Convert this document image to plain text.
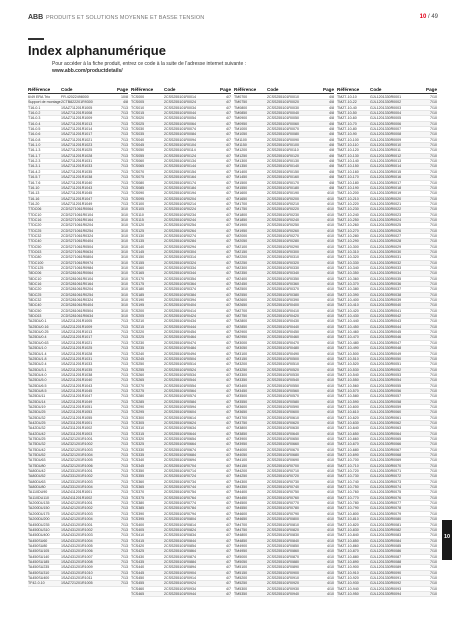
ABB PRODUITS ET SOLUTIONS MOYENNE ET BASSE TENSION	10 / 49
Index alphanumérique
Pour accéder à la fiche produit, entrez ce code à la suite de l’adresse internet suivante :
www.abb.com/productdetails/
Référence	Code	Page
6/49 ERA Trio	FR.42022498000	10/8
Support de montage 2CTB822201R9300	4/8
T16-0.1	1SAZ711201R1005	7/13
T16-0.2	1SAZ711201R1008	7/13
T16-0.3	1SAZ711201R1009	7/13
T16-0.4	1SAZ711201R1013	7/13
T16-0.5	1SAZ711201R1014	7/13
T16-0.6	1SAZ711201R1017	7/13
T16-0.8	1SAZ711201R1021	7/13
T16-1.0	1SAZ711201R1023	7/13
T16-1.3	1SAZ711201R1025	7/13
T16-1.7	1SAZ711201R1028	7/13
T16-2.3	1SAZ711201R1031	7/13
T16-3.1	1SAZ711201R1033	7/13
T16-4.2	1SAZ711201R1035	7/13
T16-5.7	1SAZ711201R1038	7/13
T16-7.6	1SAZ711201R1040	7/13
T16-10	1SAZ711201R1043	7/13
T16-13	1SAZ711201R1045	7/13
T16-16	1SAZ711201R1047	7/13
T16-20	1SAZ711201R1049	7/13
T7DC06	2CDS271061R0064	3/10
T7DC10	2CDS271061R0104	3/10
T7DC16	2CDS271061R0164	3/10
T7DC20	2CDS271061R0204	3/10
T7DC25	2CDS271061R0254	3/10
T7DC32	2CDS271061R0324	3/10
T7DC40	2CDS271061R0404	3/10
T7DC50	2CDS271061R0504	3/10
T7DC63	2CDS271061R0634	3/10
T7DC80	2CDS271061R0804	3/10
T7DC100	2CDS271061R0974	3/10
T7DC125	2CDS271061R0984	3/10
T8DC06	2CDS281061R0064	3/10
T8DC10	2CDS281061R0104	3/10
T8DC16	2CDS281061R0164	3/10
T8DC20	2CDS281061R0204	3/10
T8DC25	2CDS281061R0254	3/10
T8DC32	2CDS281061R0324	3/10
T8DC40	2CDS281061R0404	3/10
T8DC50	2CDS281061R0504	3/10
T8DC63	2CDS281061R0634	3/10
TA25DU0.1	1SAZ211201R1005	7/13
TA25DU0.16	1SAZ211201R1009	7/13
TA25DU0.25	1SAZ211201R1013	7/13
TA25DU0.4	1SAZ211201R1017	7/13
TA25DU0.63	1SAZ211201R1021	7/13
TA25DU1.0	1SAZ211201R1025	7/13
TA25DU1.4	1SAZ211201R1028	7/13
TA25DU1.8	1SAZ211201R1031	7/13
TA25DU2.4	1SAZ211201R1033	7/13
TA25DU3.1	1SAZ211201R1035	7/13
TA25DU4.0	1SAZ211201R1038	7/13
TA25DU5.0	1SAZ211201R1040	7/13
TA25DU6.5	1SAZ211201R1043	7/13
TA25DU8.5	1SAZ211201R1045	7/13
TA25DU11	1SAZ211201R1047	7/13
TA25DU14	1SAZ211201R1049	7/13
TA25DU19	1SAZ211201R1051	7/13
TA25DU25	1SAZ211201R1053	7/13
TA25DU32	1SAZ211201R1055	7/13
TA42DU25	1SAZ311201R1001	7/13
TA42DU32	1SAZ311201R1002	7/13
TA42DU42	1SAZ311201R1003	7/13
TA75DU25	1SAZ321201R1001	7/13
TA75DU32	1SAZ321201R1002	7/13
TA75DU42	1SAZ321201R1003	7/13
TA75DU52	1SAZ321201R1004	7/13
TA75DU63	1SAZ321201R1005	7/13
TA75DU80	1SAZ321201R1006	7/13
TA80DU42	1SAZ331201R1001	7/13
TA80DU52	1SAZ331201R1002	7/13
TA80DU63	1SAZ331201R1003	7/13
TA80DU80	1SAZ331201R1004	7/13
TA110DU90	1SAZ411201R1001	7/13
TA110DU110	1SAZ411201R1002	7/13
TA200DU135	1SAZ421201R1001	7/13
TA200DU150	1SAZ421201R1002	7/13
TA200DU175	1SAZ421201R1003	7/13
TA200DU200	1SAZ421201R1004	7/13
TA450DU235	1SAZ431201R1001	7/13
TA450DU310	1SAZ431201R1002	7/13
TA450DU400	1SAZ431201R1003	7/13
TA450SU60	1SAZ431201R1004	7/13
TA450SU80	1SAZ431201R1005	7/13
TA450SU105	1SAZ431201R1006	7/13
TA450SU140	1SAZ431201R1007	7/13
TA450SU185	1SAZ431201R1008	7/13
TA450SU235	1SAZ431201R1009	7/13
TA450SU310	1SAZ431201R1010	7/13
TA450SU400	1SAZ431201R1011	7/13
TF42-0.10	1SAZ721201R1005	7/13
Référence	Code	Page
TCS000	2CSS255101R0014	4/7
TCS005	2CSS255101R0024	4/7
TCS010	2CSS255101R0034	4/7
TCS015	2CSS255101R0044	4/7
TCS020	2CSS255101R0054	4/7
TCS025	2CSS255101R0064	4/7
TCS030	2CSS255101R0074	4/7
TCS035	2CSS255101R0084	4/7
TCS040	2CSS255101R0094	4/7
TCS045	2CSS255101R0104	4/7
TCS050	2CSS255101R0114	4/7
TCS055	2CSS255101R0124	4/7
TCS060	2CSS255101R0134	4/7
TCS065	2CSS255101R0144	4/7
TCS070	2CSS255101R0154	4/7
TCS075	2CSS255101R0164	4/7
TCS080	2CSS255101R0174	4/7
TCS085	2CSS255101R0184	4/7
TCS090	2CSS255101R0194	4/7
TCS095	2CSS255101R0204	4/7
TCS100	2CSS255101R0214	4/7
TCS105	2CSS255101R0224	4/7
TCS110	2CSS255101R0234	4/7
TCS115	2CSS255101R0244	4/7
TCS120	2CSS255101R0254	4/7
TCS125	2CSS255101R0264	4/7
TCS130	2CSS255101R0274	4/7
TCS135	2CSS255101R0284	4/7
TCS140	2CSS255101R0294	4/7
TCS145	2CSS255101R0304	4/7
TCS150	2CSS255101R0314	4/7
TCS155	2CSS255101R0324	4/7
TCS160	2CSS255101R0334	4/7
TCS165	2CSS255101R0344	4/7
TCS170	2CSS255101R0354	4/7
TCS175	2CSS255101R0364	4/7
TCS180	2CSS255101R0374	4/7
TCS185	2CSS255101R0384	4/7
TCS190	2CSS255101R0394	4/7
TCS195	2CSS255101R0404	4/7
TCS200	2CSS255101R0414	4/7
TCS205	2CSS255101R0424	4/7
TCS210	2CSS255101R0434	4/7
TCS215	2CSS255101R0444	4/7
TCS220	2CSS255101R0454	4/7
TCS225	2CSS255101R0464	4/7
TCS230	2CSS255101R0474	4/7
TCS235	2CSS255101R0484	4/7
TCS240	2CSS255101R0494	4/7
TCS245	2CSS255101R0504	4/7
TCS250	2CSS255101R0514	4/7
TCS255	2CSS255101R0524	4/7
TCS260	2CSS255101R0534	4/7
TCS265	2CSS255101R0544	4/7
TCS270	2CSS255101R0554	4/7
TCS275	2CSS255101R0564	4/7
TCS280	2CSS255101R0574	4/7
TCS285	2CSS255101R0584	4/7
TCS290	2CSS255101R0594	4/7
TCS295	2CSS255101R0604	4/7
TCS300	2CSS255101R0614	4/7
TCS305	2CSS255101R0624	4/7
TCS310	2CSS255101R0634	4/7
TCS315	2CSS255101R0644	4/7
TCS320	2CSS255101R0654	4/7
TCS325	2CSS255101R0664	4/7
TCS330	2CSS255101R0674	4/7
TCS335	2CSS255101R0684	4/7
TCS340	2CSS255101R0694	4/7
TCS345	2CSS255101R0704	4/7
TCS350	2CSS255101R0714	4/7
TCS355	2CSS255101R0724	4/7
TCS360	2CSS255101R0734	4/7
TCS365	2CSS255101R0744	4/7
TCS370	2CSS255101R0754	4/7
TCS375	2CSS255101R0764	4/7
TCS380	2CSS255101R0774	4/7
TCS385	2CSS255101R0784	4/7
TCS390	2CSS255101R0794	4/7
TCS395	2CSS255101R0804	4/7
TCS400	2CSS255101R0814	4/7
TCS405	2CSS255101R0824	4/7
TCS410	2CSS255101R0834	4/7
TCS415	2CSS255101R0844	4/7
TCS420	2CSS255101R0854	4/7
TCS425	2CSS255101R0864	4/7
TCS430	2CSS255101R0874	4/7
TCS435	2CSS255101R0884	4/7
TCS440	2CSS255101R0894	4/7
TCS445	2CSS255101R0904	4/7
TCS450	2CSS255101R0914	4/7
TCS455	2CSS255101R0924	4/7
TCS460	2CSS255101R0934	4/7
TCS465	2CSS255101R0944	4/7
Référence	Code	Page
TM0700	2CSS255101R0010	4/8
TM0750	2CSS255101R0020	4/8
TM0800	2CSS255101R0030	4/8
TM0850	2CSS255101R0040	4/8
TM0900	2CSS255101R0050	4/8
TM0950	2CSS255101R0060	4/8
TM1000	2CSS255101R0070	4/8
TM1050	2CSS255101R0080	4/8
TM1100	2CSS255101R0090	4/8
TM1150	2CSS255101R0100	4/8
TM1200	2CSS255101R0110	4/8
TM1250	2CSS255101R0120	4/8
TM1300	2CSS255101R0130	4/8
TM1350	2CSS255101R0140	4/8
TM1400	2CSS255101R0150	4/8
TM1450	2CSS255101R0160	4/8
TM1500	2CSS255101R0170	4/8
TM1550	2CSS255101R0180	4/8
TM1600	2CSS255101R0190	4/10
TM1650	2CSS255101R0200	4/10
TM1700	2CSS255101R0210	4/10
TM1750	2CSS255101R0220	4/10
TM1800	2CSS255101R0230	4/10
TM1850	2CSS255101R0240	4/10
TM1900	2CSS255101R0250	4/10
TM1950	2CSS255101R0260	4/10
TM2000	2CSS255101R0270	4/10
TM2050	2CSS255101R0280	4/10
TM2100	2CSS255101R0290	4/10
TM2150	2CSS255101R0300	4/10
TM2200	2CSS255101R0310	4/10
TM2250	2CSS255101R0320	4/10
TM2300	2CSS255101R0330	4/10
TM2350	2CSS255101R0340	4/10
TM2400	2CSS255101R0350	4/10
TM2450	2CSS255101R0360	4/10
TM2500	2CSS255101R0370	4/10
TM2550	2CSS255101R0380	4/10
TM2600	2CSS255101R0390	4/10
TM2650	2CSS255101R0400	4/10
TM2700	2CSS255101R0410	4/10
TM2750	2CSS255101R0420	4/10
TM2800	2CSS255101R0430	4/10
TM2850	2CSS255101R0440	4/10
TM2900	2CSS255101R0450	4/10
TM2950	2CSS255101R0460	4/10
TM3000	2CSS255101R0470	4/10
TM3050	2CSS255101R0480	4/10
TM3100	2CSS255101R0490	4/10
TM3150	2CSS255101R0500	4/10
TM3200	2CSS255101R0510	4/10
TM3250	2CSS255101R0520	4/10
TM3300	2CSS255101R0530	4/10
TM3350	2CSS255101R0540	4/10
TM3400	2CSS255101R0550	4/10
TM3450	2CSS255101R0560	4/10
TM3500	2CSS255101R0570	4/10
TM3550	2CSS255101R0580	4/10
TM3600	2CSS255101R0590	4/10
TM3650	2CSS255101R0600	4/10
TM3700	2CSS255101R0610	4/10
TM3750	2CSS255101R0620	4/10
TM3800	2CSS255101R0630	4/10
TM3850	2CSS255101R0640	4/10
TM3900	2CSS255101R0650	4/10
TM3950	2CSS255101R0660	4/10
TM4000	2CSS255101R0670	4/10
TM4050	2CSS255101R0680	4/10
TM4100	2CSS255101R0690	4/10
TM4150	2CSS255101R0700	4/10
TM4200	2CSS255101R0710	4/10
TM4250	2CSS255101R0720	4/10
TM4300	2CSS255101R0730	4/10
TM4350	2CSS255101R0740	4/10
TM4400	2CSS255101R0750	4/10
TM4450	2CSS255101R0760	4/10
TM4500	2CSS255101R0770	4/10
TM4550	2CSS255101R0780	4/10
TM4600	2CSS255101R0790	4/10
TM4650	2CSS255101R0800	4/10
TM4700	2CSS255101R0810	4/10
TM4750	2CSS255101R0820	4/10
TM4800	2CSS255101R0830	4/10
TM4850	2CSS255101R0840	4/10
TM4900	2CSS255101R0850	4/10
TM4950	2CSS255101R0860	4/10
TM5000	2CSS255101R0870	4/10
TM5050	2CSS255101R0880	4/10
TM5100	2CSS255101R0890	4/10
TM5150	2CSS255101R0900	4/10
TM5200	2CSS255101R0910	4/10
TM5250	2CSS255101R0920	4/10
TM5300	2CSS255101R0930	4/10
TM5350	2CSS255101R0940	4/10
Référence	Code	Page
TMZ7-10-10	GJL1201330R0001	7/10
TMZ7-10-22	GJL1201330R0002	7/10
TMZ7-10-40	GJL1201330R0003	7/10
TMZ7-10-50	GJL1201330R0004	7/10
TMZ7-10-60	GJL1201330R0005	7/10
TMZ7-10-70	GJL1201330R0006	7/10
TMZ7-10-80	GJL1201330R0007	7/10
TMZ7-10-90	GJL1201330R0008	7/10
TMZ7-10-100	GJL1201330R0009	7/10
TMZ7-10-110	GJL1201330R0010	7/10
TMZ7-10-120	GJL1201330R0011	7/10
TMZ7-10-130	GJL1201330R0012	7/10
TMZ7-10-140	GJL1201330R0013	7/10
TMZ7-10-150	GJL1201330R0014	7/10
TMZ7-10-160	GJL1201330R0015	7/10
TMZ7-10-170	GJL1201330R0016	7/10
TMZ7-10-180	GJL1201330R0017	7/10
TMZ7-10-190	GJL1201330R0018	7/10
TMZ7-10-200	GJL1201330R0019	7/10
TMZ7-10-210	GJL1201330R0020	7/10
TMZ7-10-220	GJL1201330R0021	7/10
TMZ7-10-230	GJL1201330R0022	7/10
TMZ7-10-240	GJL1201330R0023	7/10
TMZ7-10-250	GJL1201330R0024	7/10
TMZ7-10-260	GJL1201330R0025	7/10
TMZ7-10-270	GJL1201330R0026	7/10
TMZ7-10-280	GJL1201330R0027	7/10
TMZ7-10-290	GJL1201330R0028	7/10
TMZ7-10-300	GJL1201330R0029	7/10
TMZ7-10-310	GJL1201330R0030	7/10
TMZ7-10-320	GJL1201330R0031	7/10
TMZ7-10-330	GJL1201330R0032	7/10
TMZ7-10-340	GJL1201330R0033	7/10
TMZ7-10-350	GJL1201330R0034	7/10
TMZ7-10-360	GJL1201330R0035	7/10
TMZ7-10-370	GJL1201330R0036	7/10
TMZ7-10-380	GJL1201330R0037	7/10
TMZ7-10-390	GJL1201330R0038	7/10
TMZ7-10-400	GJL1201330R0039	7/10
TMZ7-10-410	GJL1201330R0040	7/10
TMZ7-10-420	GJL1201330R0041	7/10
TMZ7-10-430	GJL1201330R0042	7/10
TMZ7-10-440	GJL1201330R0043	7/10
TMZ7-10-450	GJL1201330R0044	7/10
TMZ7-10-460	GJL1201330R0045	7/10
TMZ7-10-470	GJL1201330R0046	7/10
TMZ7-10-480	GJL1201330R0047	7/10
TMZ7-10-490	GJL1201330R0048	7/10
TMZ7-10-500	GJL1201330R0049	7/10
TMZ7-10-510	GJL1201330R0050	7/10
TMZ7-10-520	GJL1201330R0051	7/10
TMZ7-10-530	GJL1201330R0052	7/10
TMZ7-10-540	GJL1201330R0053	7/10
TMZ7-10-550	GJL1201330R0054	7/10
TMZ7-10-560	GJL1201330R0055	7/10
TMZ7-10-570	GJL1201330R0056	7/10
TMZ7-10-580	GJL1201330R0057	7/10
TMZ7-10-590	GJL1201330R0058	7/10
TMZ7-10-600	GJL1201330R0059	7/10
TMZ7-10-610	GJL1201330R0060	7/10
TMZ7-10-620	GJL1201330R0061	7/10
TMZ7-10-630	GJL1201330R0062	7/10
TMZ7-10-640	GJL1201330R0063	7/10
TMZ7-10-650	GJL1201330R0064	7/10
TMZ7-10-660	GJL1201330R0065	7/10
TMZ7-10-670	GJL1201330R0066	7/10
TMZ7-10-680	GJL1201330R0067	7/10
TMZ7-10-690	GJL1201330R0068	7/10
TMZ7-10-700	GJL1201330R0069	7/10
TMZ7-10-710	GJL1201330R0070	7/10
TMZ7-10-720	GJL1201330R0071	7/10
TMZ7-10-730	GJL1201330R0072	7/10
TMZ7-10-740	GJL1201330R0073	7/10
TMZ7-10-750	GJL1201330R0074	7/10
TMZ7-10-760	GJL1201330R0075	7/10
TMZ7-10-770	GJL1201330R0076	7/10
TMZ7-10-780	GJL1201330R0077	7/10
TMZ7-10-790	GJL1201330R0078	7/10
TMZ7-10-800	GJL1201330R0079	7/10
TMZ7-10-810	GJL1201330R0080	7/10
TMZ7-10-820	GJL1201330R0081	7/10
TMZ7-10-830	GJL1201330R0082	7/10
TMZ7-10-840	GJL1201330R0083	7/10
TMZ7-10-850	GJL1201330R0084	7/10
TMZ7-10-860	GJL1201330R0085	7/10
TMZ7-10-870	GJL1201330R0086	7/10
TMZ7-10-880	GJL1201330R0087	7/10
TMZ7-10-890	GJL1201330R0088	7/10
TMZ7-10-900	GJL1201330R0089	7/10
TMZ7-10-910	GJL1201330R0090	7/10
TMZ7-10-920	GJL1201330R0091	7/10
TMZ7-10-930	GJL1201330R0092	7/10
TMZ7-10-940	GJL1201330R0093	7/10
TMZ7-10-950	GJL1201330R0094	7/10
10
